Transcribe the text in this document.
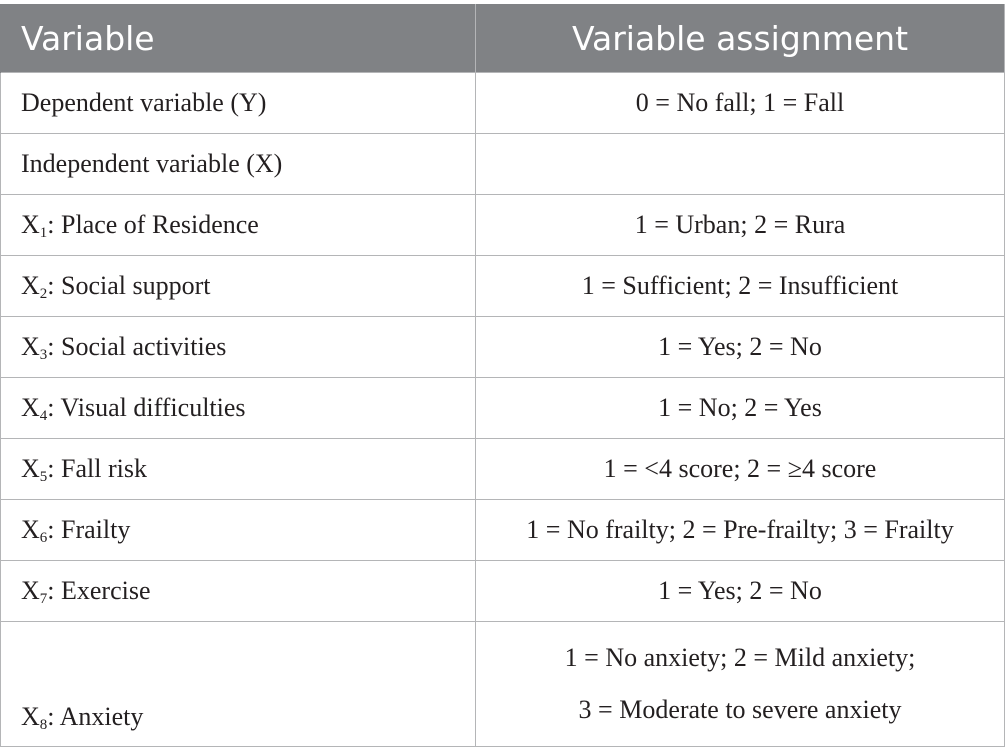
Variable	Variable assignment
Dependent variable (Y)	0 = No fall; 1 = Fall
Independent variable (X)	
$X_1$: Place of Residence	1 = Urban; 2 = Rura
$X_2$: Social support	1 = Sufficient; 2 = Insufficient
$X_3$: Social activities	1 = Yes; 2 = No
$X_4$: Visual difficulties	1 = No; 2 = Yes
$X_5$: Fall risk	1 = <4 score; 2 = ≥4 score
$X_6$: Frailty	1 = No frailty; 2 = Pre-frailty; 3 = Frailty
$X_7$: Exercise	1 = Yes; 2 = No
$X_8$: Anxiety	1 = No anxiety; 2 = Mild anxiety;
3 = Moderate to severe anxiety
